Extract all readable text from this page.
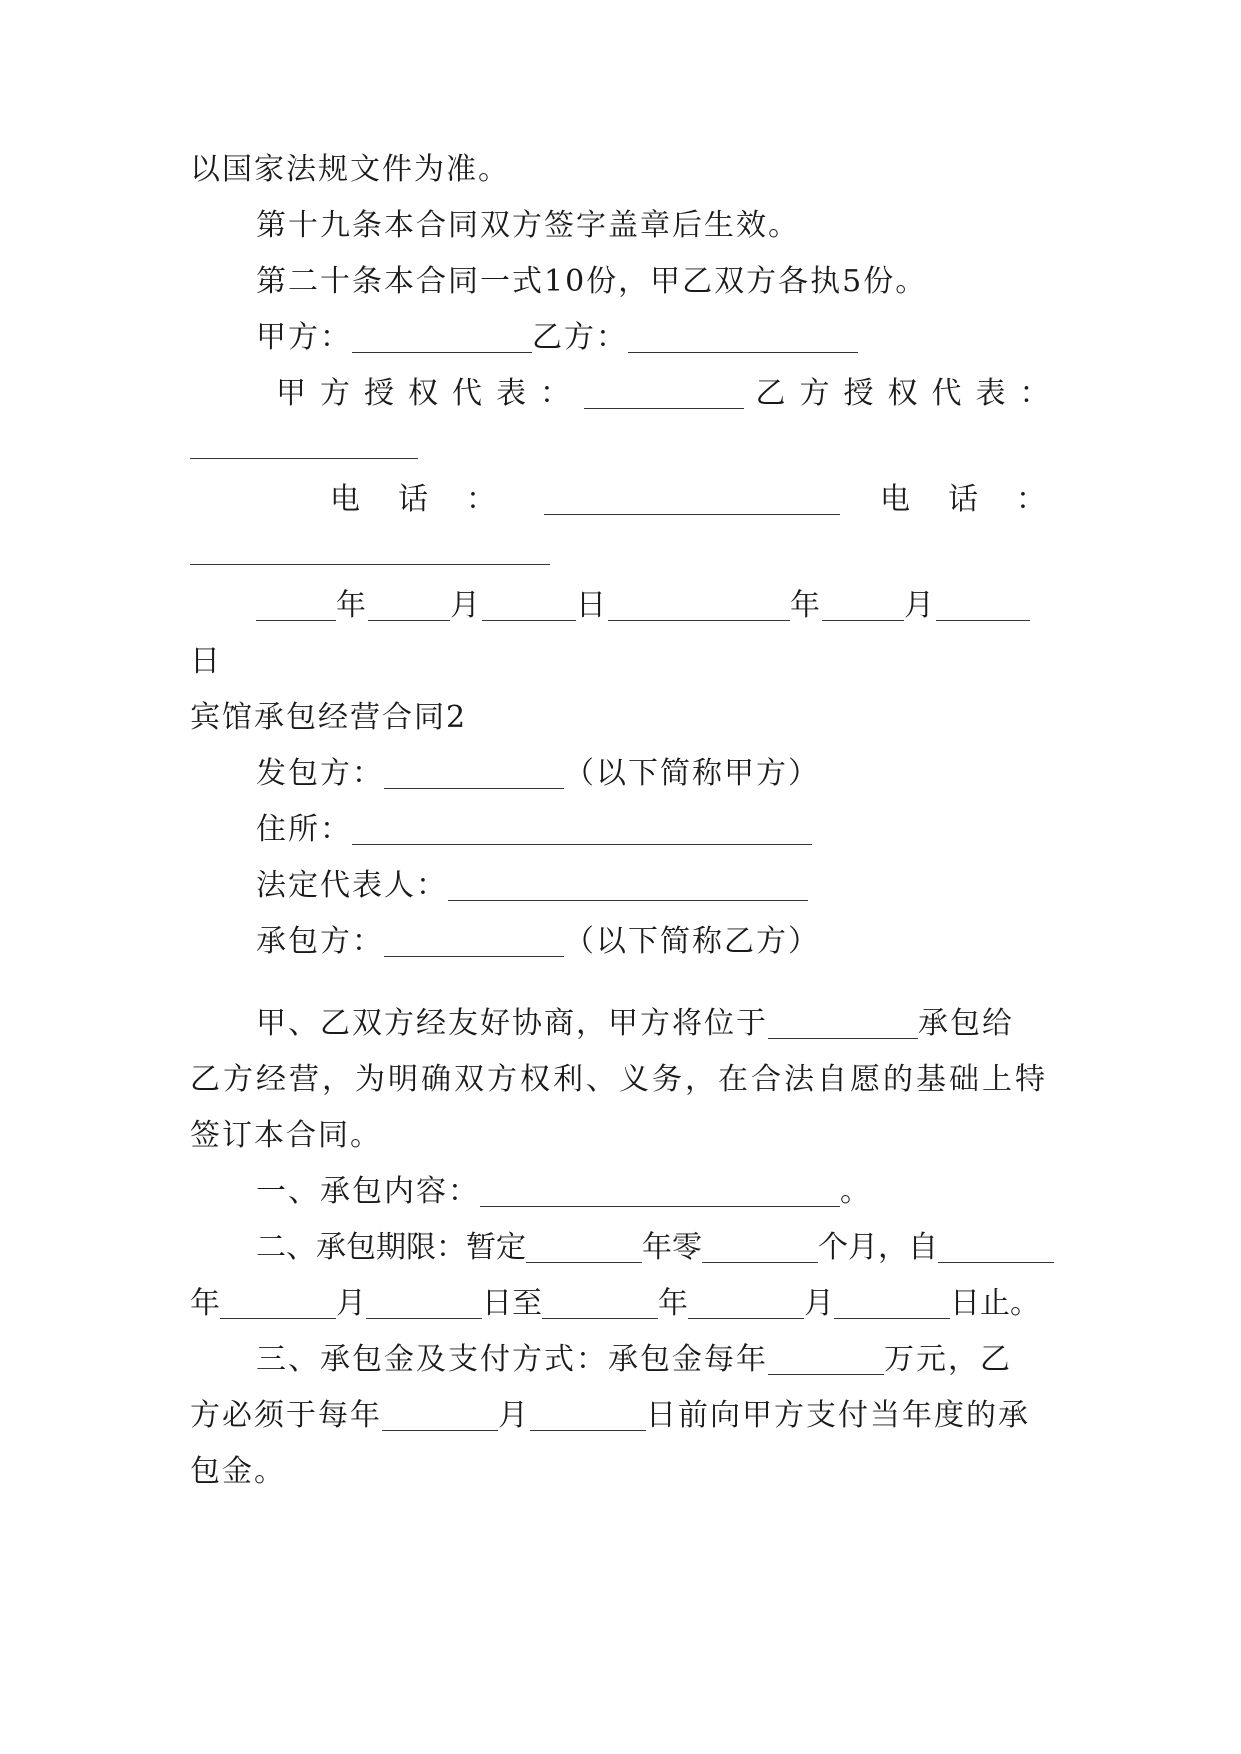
以国家法规文件为准。
第十九条本合同双方签字盖章后生效。
第二十条本合同一式10份，甲乙双方各执5份。
甲方：	乙方：
甲方授权代表：	乙方授权代表：
电话：	电话：
年	月	日	年	月
日
宾馆承包经营合同2
发包方：	（以下简称甲方）
住所：
法定代表人：
承包方：	（以下简称乙方）
甲、乙双方经友好协商，甲方将位于	承包给
乙方经营，为明确双方权利、义务，在合法自愿的基础上特
签订本合同。
一、承包内容：	。
二、承包期限：暂定	年零	个月，自
年	月	日至	年	月	日止。
三、承包金及支付方式：承包金每年	万元，乙
方必须于每年	月	日前向甲方支付当年度的承
包金。
